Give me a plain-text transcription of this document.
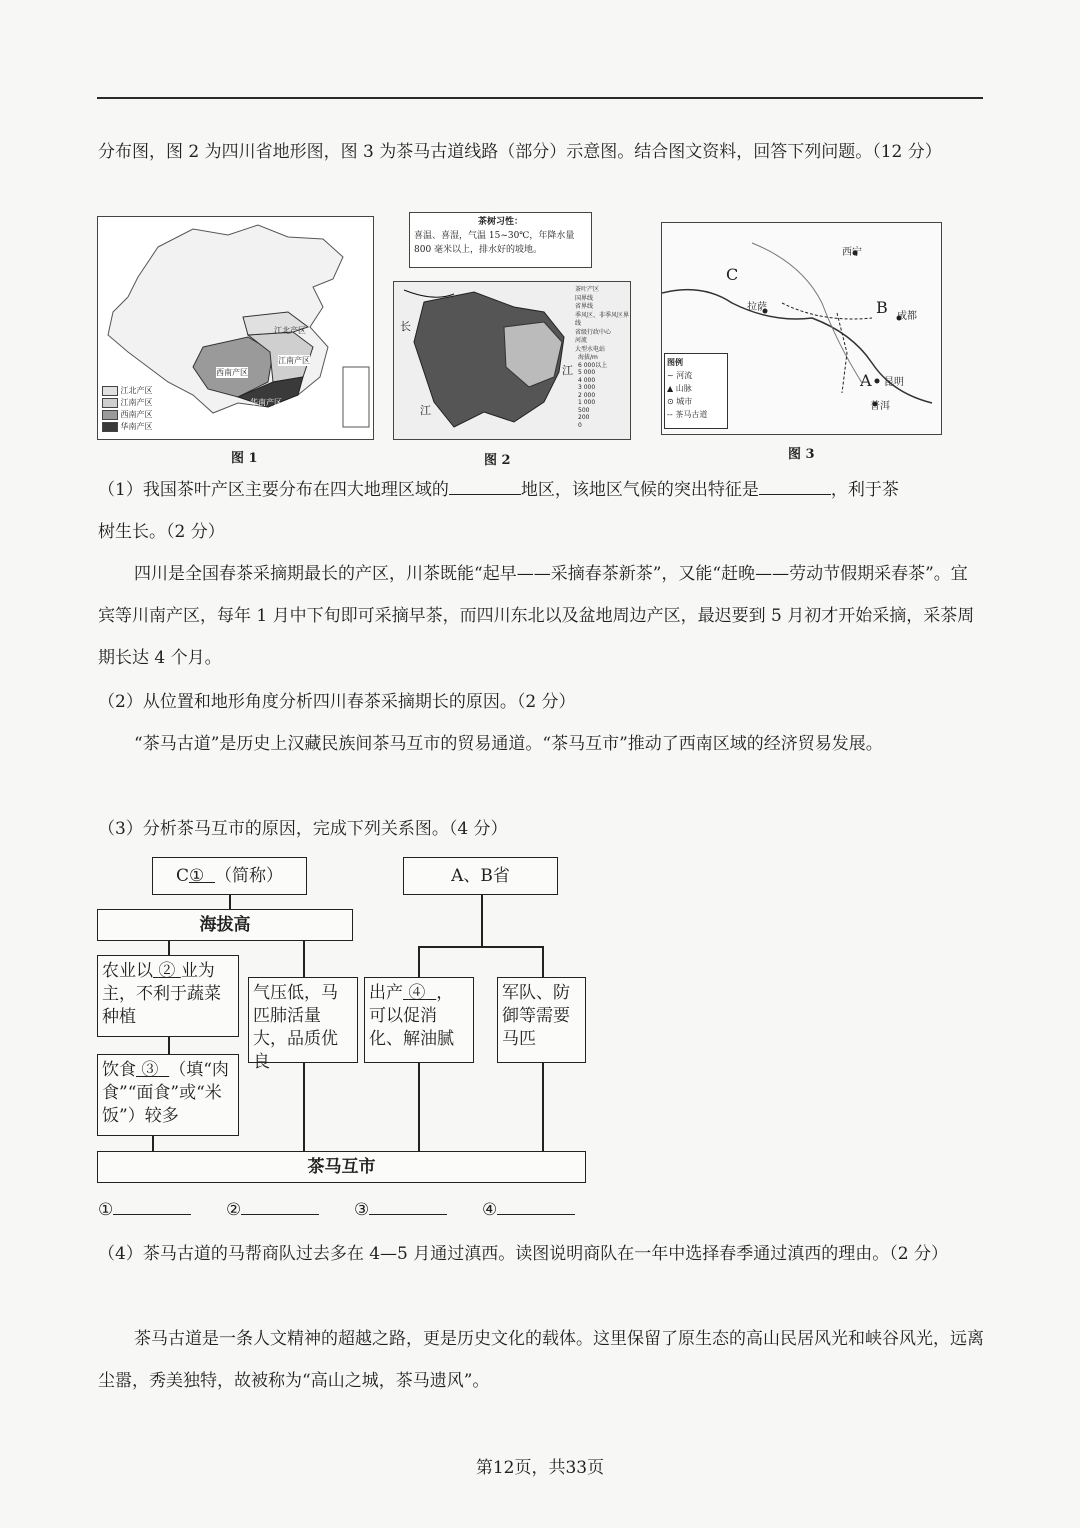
分布图，图 2 为四川省地形图，图 3 为茶马古道线路（部分）示意图。结合图文资料，回答下列问题。（12 分）

江北产区
西南产区
江南产区
华南产区
江北产区
江南产区
西南产区
华南产区
图 1
茶树习性：
喜温、喜湿，气温 15~30℃，年降水量 800 毫米以上，排水好的坡地。
长
江
江
茶叶产区
国界线
省界线
季风区、非季风区界线
省级行政中心
河流
大型水电站
海拔/m
6 000以上
5 000
4 000
3 000
2 000
1 000
500
200
0
图 2
C
B
A
西宁
拉萨
成都
昆明
普洱
图例
~ 河流
▲ 山脉
⊙ 城市
-- 茶马古道
图 3

（1）我国茶叶产区主要分布在四大地理区域的	地区，该地区气候的突出特征是	，利于茶
树生长。（2 分）

四川是全国春茶采摘期最长的产区，川茶既能“起早——采摘春茶新茶”，又能“赶晚——劳动节假期采春茶”。宜宾等川南产区，每年 1 月中下旬即可采摘早茶，而四川东北以及盆地周边产区，最迟要到 5 月初才开始采摘，采茶周期长达 4 个月。

（2）从位置和地形角度分析四川春茶采摘期长的原因。（2 分）

“茶马古道”是历史上汉藏民族间茶马互市的贸易通道。“茶马互市”推动了西南区域的经济贸易发展。

（3）分析茶马互市的原因，完成下列关系图。（4 分）

C ①
（简称）	A、B省
海拔高
农业以 ② 业为主，不利于蔬菜种植
饮食 ③ （填“肉食”“面食”或“米饭”）较多
气压低，马匹肺活量大，品质优良
出产 ④ ，可以促消化、解油腻
军队、防御等需要马匹
茶马互市
①	②	③	④

（4）茶马古道的马帮商队过去多在 4—5 月通过滇西。读图说明商队在一年中选择春季通过滇西的理由。（2 分）

茶马古道是一条人文精神的超越之路，更是历史文化的载体。这里保留了原生态的高山民居风光和峡谷风光，远离尘嚣，秀美独特，故被称为“高山之城，茶马遗风”。

第12页，共33页
